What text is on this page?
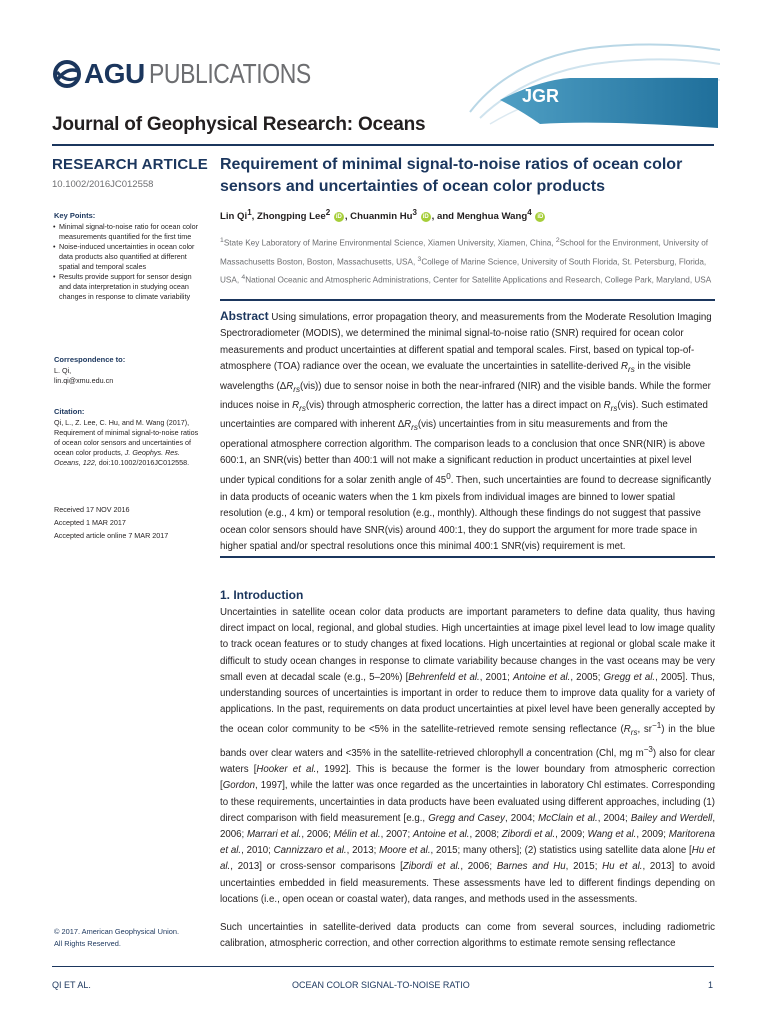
AGU PUBLICATIONS
JGR
Journal of Geophysical Research: Oceans
RESEARCH ARTICLE
10.1002/2016JC012558
Key Points:
• Minimal signal-to-noise ratio for ocean color measurements quantified for the first time
• Noise-induced uncertainties in ocean color data products also quantified at different spatial and temporal scales
• Results provide support for sensor design and data interpretation in studying ocean changes in response to climate variability
Correspondence to:
L. Qi,
lin.qi@xmu.edu.cn
Citation:
Qi, L., Z. Lee, C. Hu, and M. Wang (2017), Requirement of minimal signal-to-noise ratios of ocean color sensors and uncertainties of ocean color products, J. Geophys. Res. Oceans, 122, doi:10.1002/2016JC012558.
Received 17 NOV 2016
Accepted 1 MAR 2017
Accepted article online 7 MAR 2017
© 2017. American Geophysical Union.
All Rights Reserved.
Requirement of minimal signal-to-noise ratios of ocean color sensors and uncertainties of ocean color products
Lin Qi$^1$, Zhongping Lee$^2$ iD , Chuanmin Hu$^3$ iD , and Menghua Wang$^4$ iD
$^1$State Key Laboratory of Marine Environmental Science, Xiamen University, Xiamen, China, $^2$School for the Environment, University of Massachusetts Boston, Boston, Massachusetts, USA, $^3$College of Marine Science, University of South Florida, St. Petersburg, Florida, USA, $^4$National Oceanic and Atmospheric Administrations, Center for Satellite Applications and Research, College Park, Maryland, USA
Abstract Using simulations, error propagation theory, and measurements from the Moderate Resolution Imaging Spectroradiometer (MODIS), we determined the minimal signal-to-noise ratio (SNR) required for ocean color measurements and product uncertainties at different spatial and temporal scales. First, based on typical top-of-atmosphere (TOA) radiance over the ocean, we evaluate the uncertainties in satellite-derived $R_{rs}$ in the visible wavelengths $(\Delta R_{rs}(vis))$ due to sensor noise in both the near-infrared (NIR) and the visible bands. While the former induces noise in $R_{rs}(vis)$ through atmospheric correction, the latter has a direct impact on $R_{rs}(vis)$. Such estimated uncertainties are compared with inherent $\Delta R_{rs}(vis)$ uncertainties from in situ measurements and from the operational atmosphere correction algorithm. The comparison leads to a conclusion that once SNR(NIR) is above 600:1, an SNR(vis) better than 400:1 will not make a significant reduction in product uncertainties at pixel level under typical conditions for a solar zenith angle of $45^0$. Then, such uncertainties are found to decrease significantly in data products of oceanic waters when the 1 km pixels from individual images are binned to lower spatial resolution (e.g., 4 km) or temporal resolution (e.g., monthly). Although these findings do not suggest that passive ocean color sensors should have SNR(vis) around 400:1, they do support the argument for more trade space in higher spatial and/or spectral resolutions once this minimal 400:1 SNR(vis) requirement is met.
1. Introduction
Uncertainties in satellite ocean color data products are important parameters to define data quality, thus having direct impact on local, regional, and global studies. High uncertainties at image pixel level lead to low image quality to track ocean features or to study changes at fixed locations. High uncertainties at regional or global scale make it difficult to study ocean changes in response to climate variability because changes in the vast oceans may be very small even at decadal scale (e.g., 5–20%) [Behrenfeld et al., 2001; Antoine et al., 2005; Gregg et al., 2005]. Thus, understanding sources of uncertainties is important in order to reduce them to improve data quality for a variety of applications. In the past, requirements on data product uncertainties at pixel level have been generally accepted by the ocean color community to be <5% in the satellite-retrieved remote sensing reflectance ($R_{rs}$, $sr^{-1}$) in the blue bands over clear waters and <35% in the satellite-retrieved chlorophyll a concentration (Chl, mg $m^{-3}$) also for clear waters [Hooker et al., 1992]. This is because the former is the lower boundary from atmospheric correction [Gordon, 1997], while the latter was once regarded as the uncertainties in laboratory Chl estimates. Corresponding to these requirements, uncertainties in data products have been evaluated using different approaches, including (1) direct comparison with field measurement [e.g., Gregg and Casey, 2004; McClain et al., 2004; Bailey and Werdell, 2006; Marrari et al., 2006; Mélin et al., 2007; Antoine et al., 2008; Zibordi et al., 2009; Wang et al., 2009; Maritorena et al., 2010; Cannizzaro et al., 2013; Moore et al., 2015; many others]; (2) statistics using satellite data alone [Hu et al., 2013] or cross-sensor comparisons [Zibordi et al., 2006; Barnes and Hu, 2015; Hu et al., 2013] to avoid uncertainties embedded in field measurements. These assessments have led to different findings depending on locations (i.e., open ocean or coastal water), data ranges, and methods used in the assessments.
Such uncertainties in satellite-derived data products can come from several sources, including radiometric calibration, atmospheric correction, and other correction algorithms to estimate remote sensing reflectance
QI ET AL.	OCEAN COLOR SIGNAL-TO-NOISE RATIO	1
